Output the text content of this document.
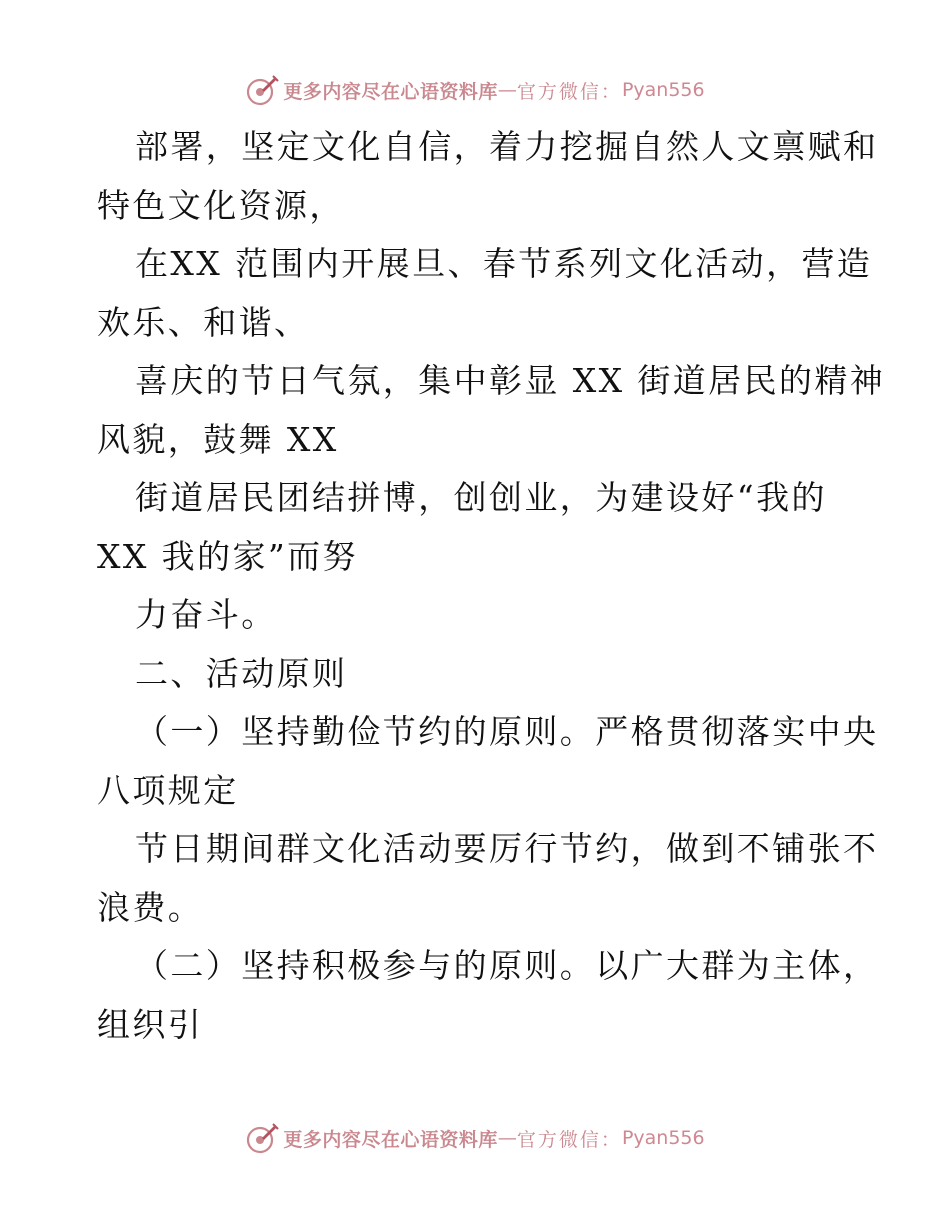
更多内容尽在心语资料库 — 官方微信： Pyan556
部署，坚定文化自信，着力挖掘自然人文禀赋和
特色文化资源，
在XX 范围内开展旦、春节系列文化活动，营造
欢乐、和谐、
喜庆的节日气氛，集中彰显 XX 街道居民的精神
风貌，鼓舞 XX
街道居民团结拼博，创创业，为建设好“我的
XX 我的家”而努
力奋斗。
二、活动原则
（一）坚持勤俭节约的原则。严格贯彻落实中央
八项规定
节日期间群文化活动要厉行节约，做到不铺张不
浪费。
（二）坚持积极参与的原则。以广大群为主体，
组织引
更多内容尽在心语资料库 — 官方微信： Pyan556
